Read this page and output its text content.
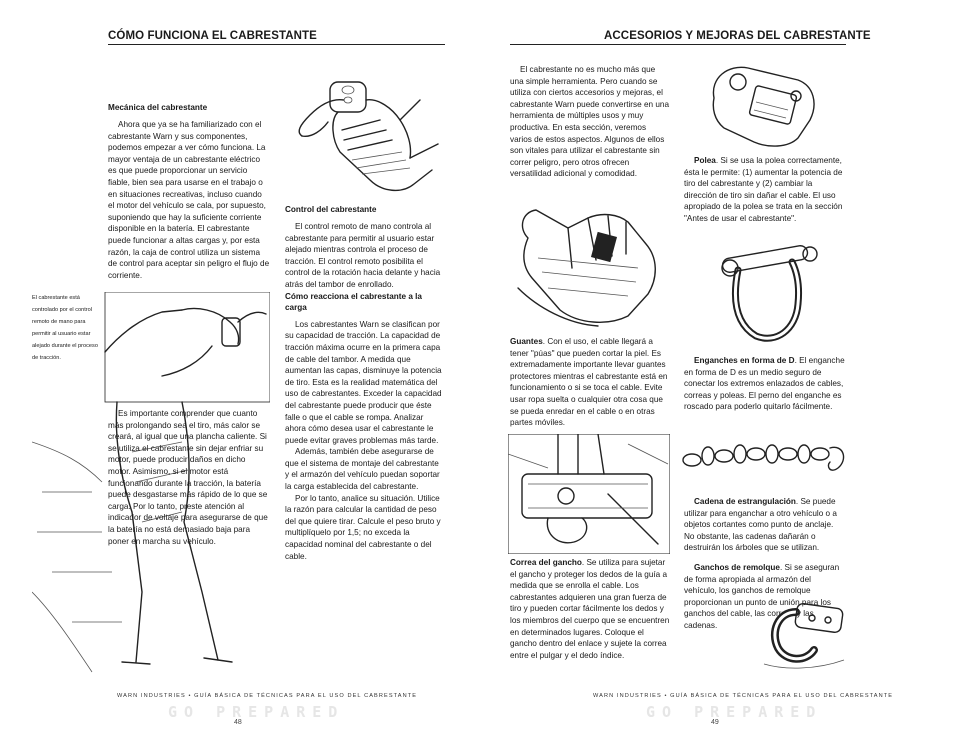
CÓMO FUNCIONA EL CABRESTANTE
Mecánica del cabrestante

Ahora que ya se ha familiarizado con el cabrestante Warn y sus componentes, podemos empezar a ver cómo funciona. La mayor ventaja de un cabrestante eléctrico es que puede proporcionar un servicio fiable, bien sea para usarse en el trabajo o en situaciones recreativas, incluso cuando el motor del vehículo se cala, por supuesto, suponiendo que hay la suficiente corriente disponible en la batería. El cabrestante puede funcionar a altas cargas y, por esta razón, la caja de control utiliza un sistema de control para aceptar sin peligro el flujo de corriente.

El cabrestante está controlado por el control remoto de mano para permitir al usuario estar alejado durante el proceso de tracción.

Es importante comprender que cuanto más prolongando sea el tiro, más calor se creará, al igual que una plancha caliente. Si se utiliza el cabrestante sin dejar enfriar su motor, puede producir daños en dicho motor. Asimismo, si el motor está funcionando durante la tracción, la batería puede desgastarse más rápido de lo que se carga. Por lo tanto, preste atención al indicador de voltaje para asegurarse de que la batería no está demasiado baja para poner en marcha su vehículo.

Control del cabrestante

El control remoto de mano controla al cabrestante para permitir al usuario estar alejado mientras controla el proceso de tracción. El control remoto posibilita el control de la rotación hacia delante y hacia atrás del tambor de enrollado.

Cómo reacciona el cabrestante a la carga

Los cabrestantes Warn se clasifican por su capacidad de tracción. La capacidad de tracción máxima ocurre en la primera capa de cable del tambor. A medida que aumentan las capas, disminuye la potencia de tiro. Esta es la realidad matemática del uso de cabrestantes. Exceder la capacidad del cabrestante puede producir que éste falle o que el cable se rompa. Analizar ahora cómo desea usar el cabrestante le puede evitar graves problemas más tarde.

Además, también debe asegurarse de que el sistema de montaje del cabrestante y el armazón del vehículo puedan soportar la carga establecida del cabrestante.

Por lo tanto, analice su situación. Utilice la razón para calcular la cantidad de peso del que quiere tirar. Calcule el peso bruto y multiplíquelo por 1,5; no exceda la capacidad nominal del cabrestante o del cable.

WARN INDUSTRIES • GUÍA BÁSICA DE TÉCNICAS PARA EL USO DEL CABRESTANTE
GO PREPARED
48
ACCESORIOS Y MEJORAS DEL CABRESTANTE

El cabrestante no es mucho más que una simple herramienta. Pero cuando se utiliza con ciertos accesorios y mejoras, el cabrestante Warn puede convertirse en una herramienta de múltiples usos y muy productiva. En esta sección, veremos varios de estos aspectos. Algunos de ellos son vitales para utilizar el cabrestante sin correr peligro, pero otros ofrecen versatilidad adicional y comodidad.

Guantes. Con el uso, el cable llegará a tener "púas" que pueden cortar la piel. Es extremadamente importante llevar guantes protectores mientras el cabrestante está en funcionamiento o si se toca el cable. Evite usar ropa suelta o cualquier otra cosa que se pueda enredar en el cable o en otras partes móviles.

Correa del gancho. Se utiliza para sujetar el gancho y proteger los dedos de la guía a medida que se enrolla el cable. Los cabrestantes adquieren una gran fuerza de tiro y pueden cortar fácilmente los dedos y los miembros del cuerpo que se encuentren en determinados lugares. Coloque el gancho dentro del enlace y sujete la correa entre el pulgar y el dedo índice.

Polea. Si se usa la polea correctamente, ésta le permite: (1) aumentar la potencia de tiro del cabrestante y (2) cambiar la dirección de tiro sin dañar el cable. El uso apropiado de la polea se trata en la sección "Antes de usar el cabrestante".

Enganches en forma de D. El enganche en forma de D es un medio seguro de conectar los extremos enlazados de cables, correas y poleas. El perno del enganche es roscado para poderlo quitarlo fácilmente.

Cadena de estrangulación. Se puede utilizar para enganchar a otro vehículo o a objetos cortantes como punto de anclaje. No obstante, las cadenas dañarán o destruirán los árboles que se utilizan.

Ganchos de remolque. Si se aseguran de forma apropiada al armazón del vehículo, los ganchos de remolque proporcionan un punto de unión para los ganchos del cable, las correas y las cadenas.

WARN INDUSTRIES • GUÍA BÁSICA DE TÉCNICAS PARA EL USO DEL CABRESTANTE
GO PREPARED
49
